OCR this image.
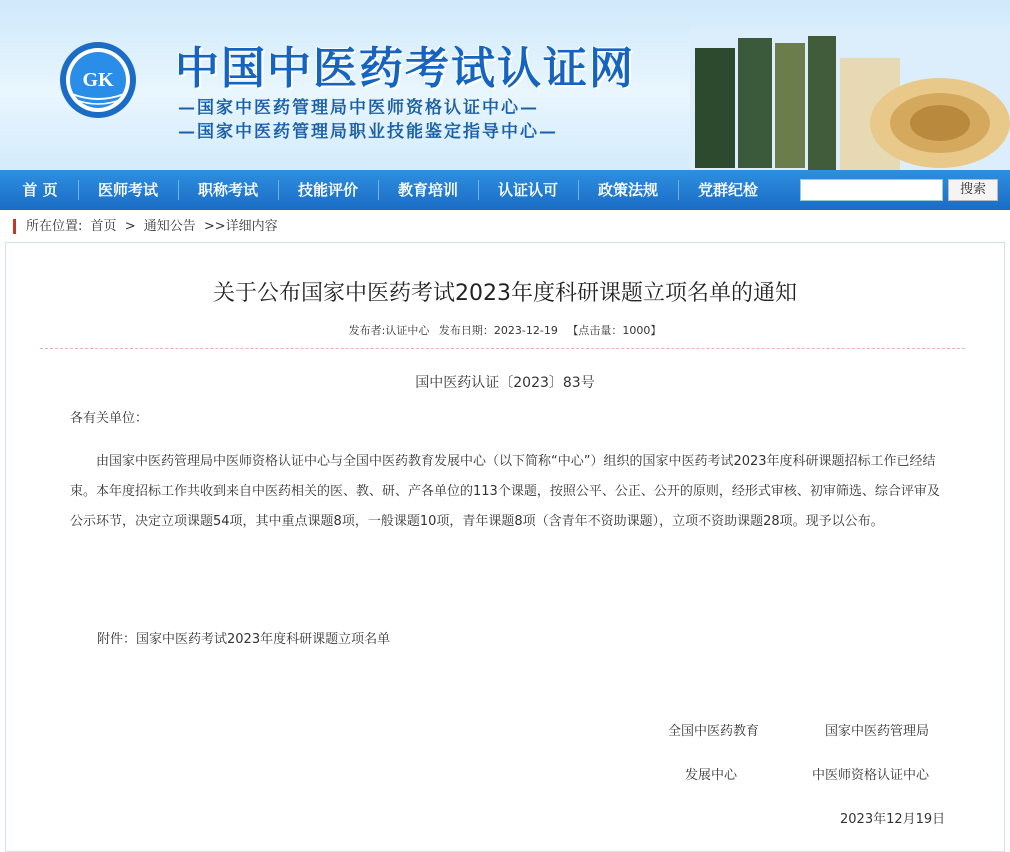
GK 中国中医药考试认证网
—国家中医药管理局中医师资格认证中心—
—国家中医药管理局职业技能鉴定指导中心—
首 页	医师考试	职称考试	技能评价	教育培训	认证认可	政策法规	党群纪检	搜索
所在位置: 首页 > 通知公告 >>详细内容
关于公布国家中医药考试2023年度科研课题立项名单的通知
发布者:认证中心 发布日期：2023-12-19 【点击量：1000】
国中医药认证〔2023〕83号
各有关单位：
由国家中医药管理局中医师资格认证中心与全国中医药教育发展中心（以下简称“中心”）组织的国家中医药考试2023年度科研课题招标工作已经结束。本年度招标工作共收到来自中医药相关的医、教、研、产各单位的113个课题，按照公平、公正、公开的原则，经形式审核、初审筛选、综合评审及公示环节，决定立项课题54项，其中重点课题8项，一般课题10项，青年课题8项（含青年不资助课题），立项不资助课题28项。现予以公布。
附件：国家中医药考试2023年度科研课题立项名单
全国中医药教育	国家中医药管理局
发展中心	中医师资格认证中心
2023年12月19日
